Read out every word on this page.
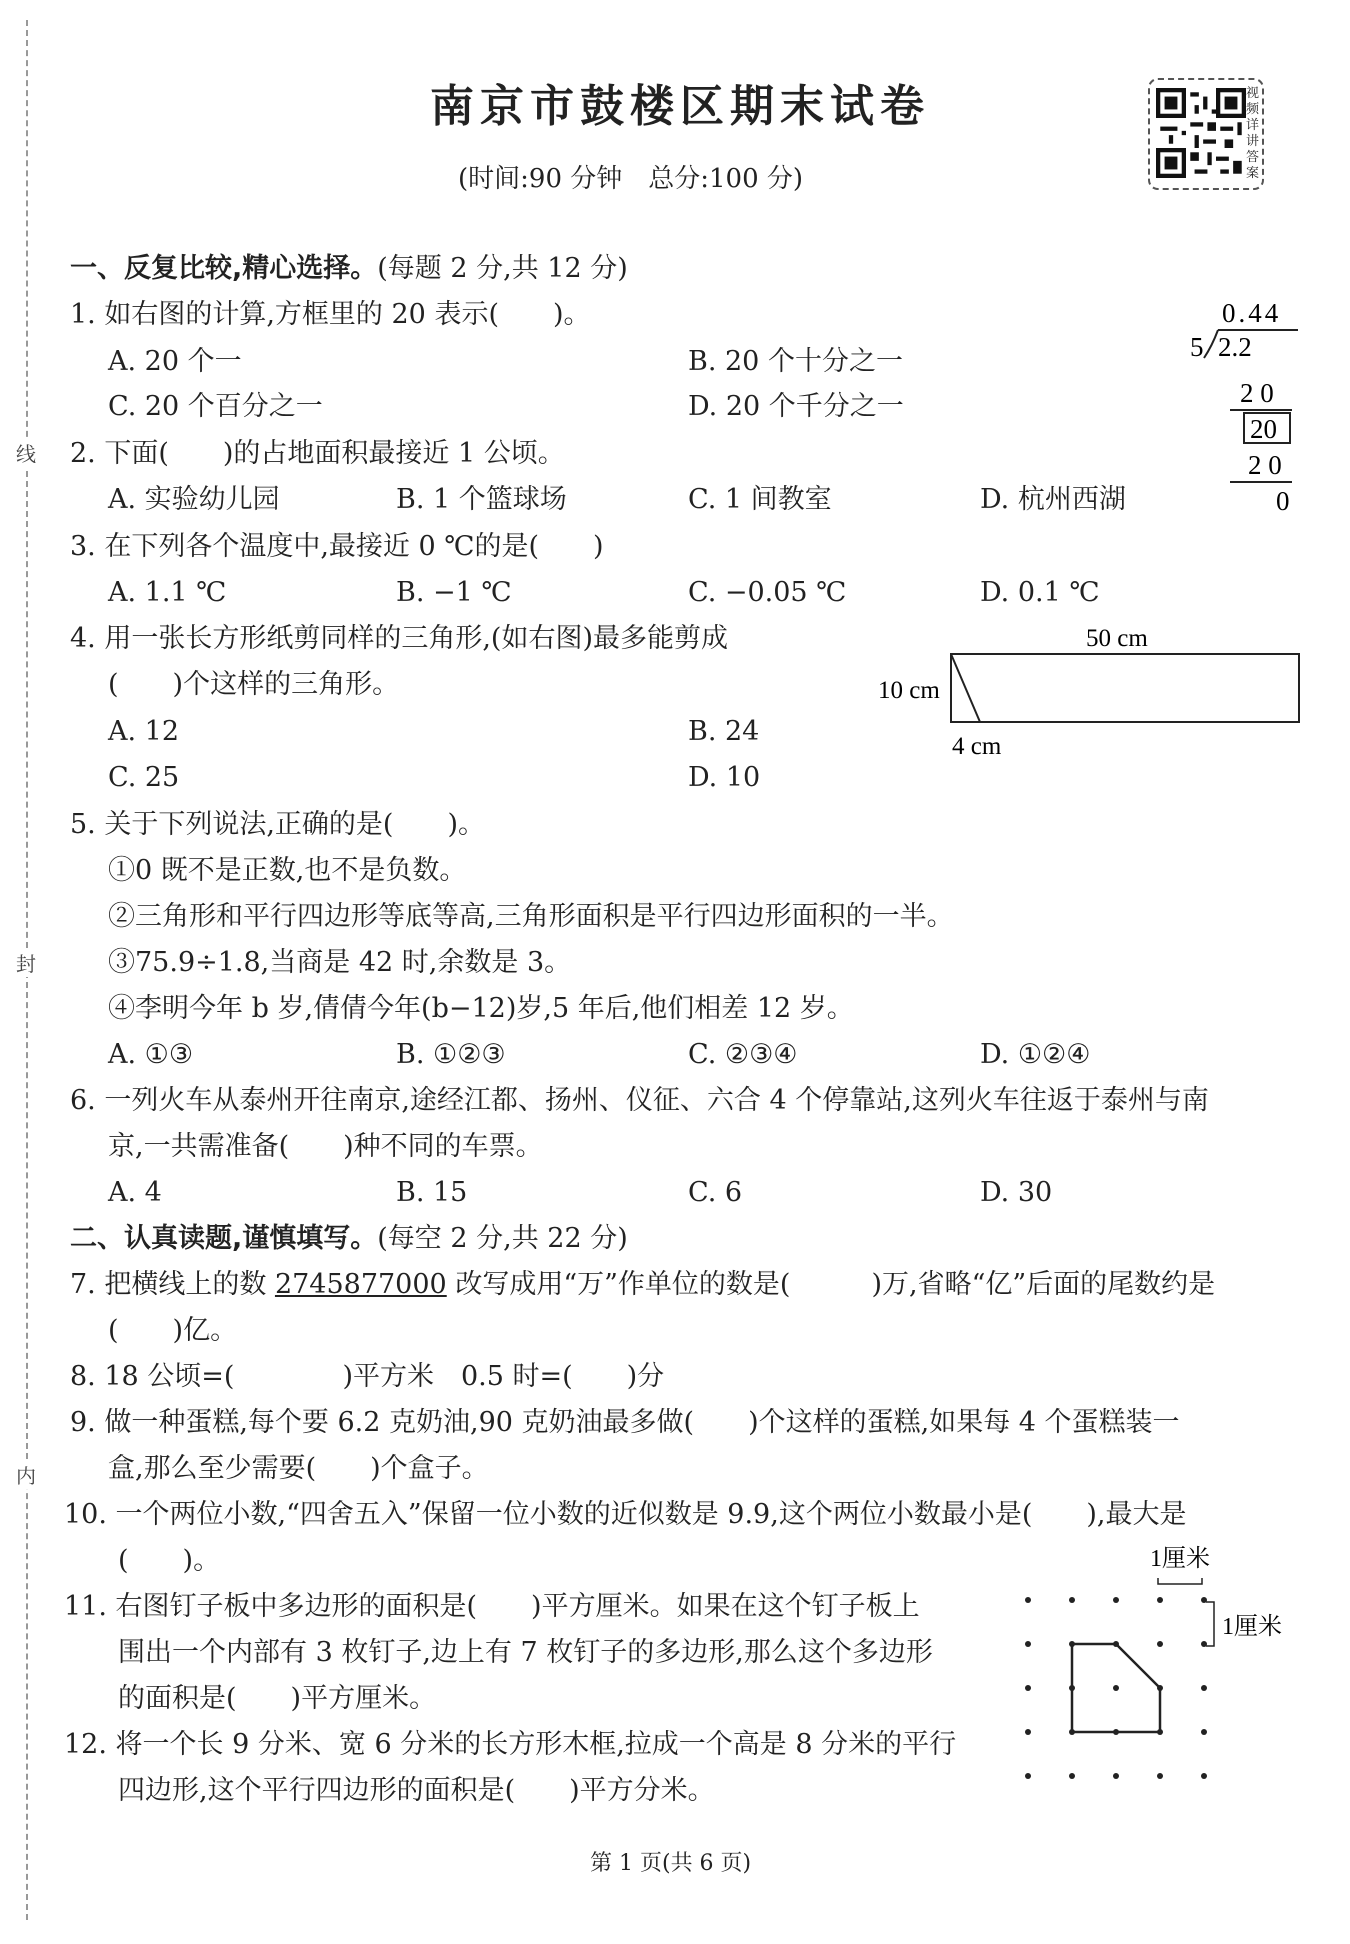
线
封
内
南京市鼓楼区期末试卷
(时间:90 分钟　总分:100 分)
视频详讲答案
一、反复比较,精心选择。(每题 2 分,共 12 分)
1. 如右图的计算,方框里的 20 表示(　　)。
A. 20 个一	B. 20 个十分之一
C. 20 个百分之一	D. 20 个千分之一
0.44
5 2.2
2 0
20
2 0
0
2. 下面(　　)的占地面积最接近 1 公顷。
A. 实验幼儿园	B. 1 个篮球场	C. 1 间教室	D. 杭州西湖
3. 在下列各个温度中,最接近 0 ℃的是(　　)
A. 1.1 ℃	B. −1 ℃	C. −0.05 ℃	D. 0.1 ℃
4. 用一张长方形纸剪同样的三角形,(如右图)最多能剪成
(　　)个这样的三角形。
A. 12	B. 24
C. 25	D. 10
50 cm
10 cm
4 cm
5. 关于下列说法,正确的是(　　)。
①0 既不是正数,也不是负数。
②三角形和平行四边形等底等高,三角形面积是平行四边形面积的一半。
③75.9÷1.8,当商是 42 时,余数是 3。
④李明今年 b 岁,倩倩今年(b−12)岁,5 年后,他们相差 12 岁。
A. ①③	B. ①②③	C. ②③④	D. ①②④
6. 一列火车从泰州开往南京,途经江都、扬州、仪征、六合 4 个停靠站,这列火车往返于泰州与南
京,一共需准备(　　)种不同的车票。
A. 4	B. 15	C. 6	D. 30
二、认真读题,谨慎填写。(每空 2 分,共 22 分)
7. 把横线上的数 2745877000 改写成用“万”作单位的数是(　　　)万,省略“亿”后面的尾数约是
(　　)亿。
8. 18 公顷=(　　　　)平方米　0.5 时=(　　)分
9. 做一种蛋糕,每个要 6.2 克奶油,90 克奶油最多做(　　)个这样的蛋糕,如果每 4 个蛋糕装一
盒,那么至少需要(　　)个盒子。
10. 一个两位小数,“四舍五入”保留一位小数的近似数是 9.9,这个两位小数最小是(　　),最大是
(　　)。
11. 右图钉子板中多边形的面积是(　　)平方厘米。如果在这个钉子板上
围出一个内部有 3 枚钉子,边上有 7 枚钉子的多边形,那么这个多边形
的面积是(　　)平方厘米。
1厘米
1厘米
12. 将一个长 9 分米、宽 6 分米的长方形木框,拉成一个高是 8 分米的平行
四边形,这个平行四边形的面积是(　　)平方分米。
第 1 页(共 6 页)
